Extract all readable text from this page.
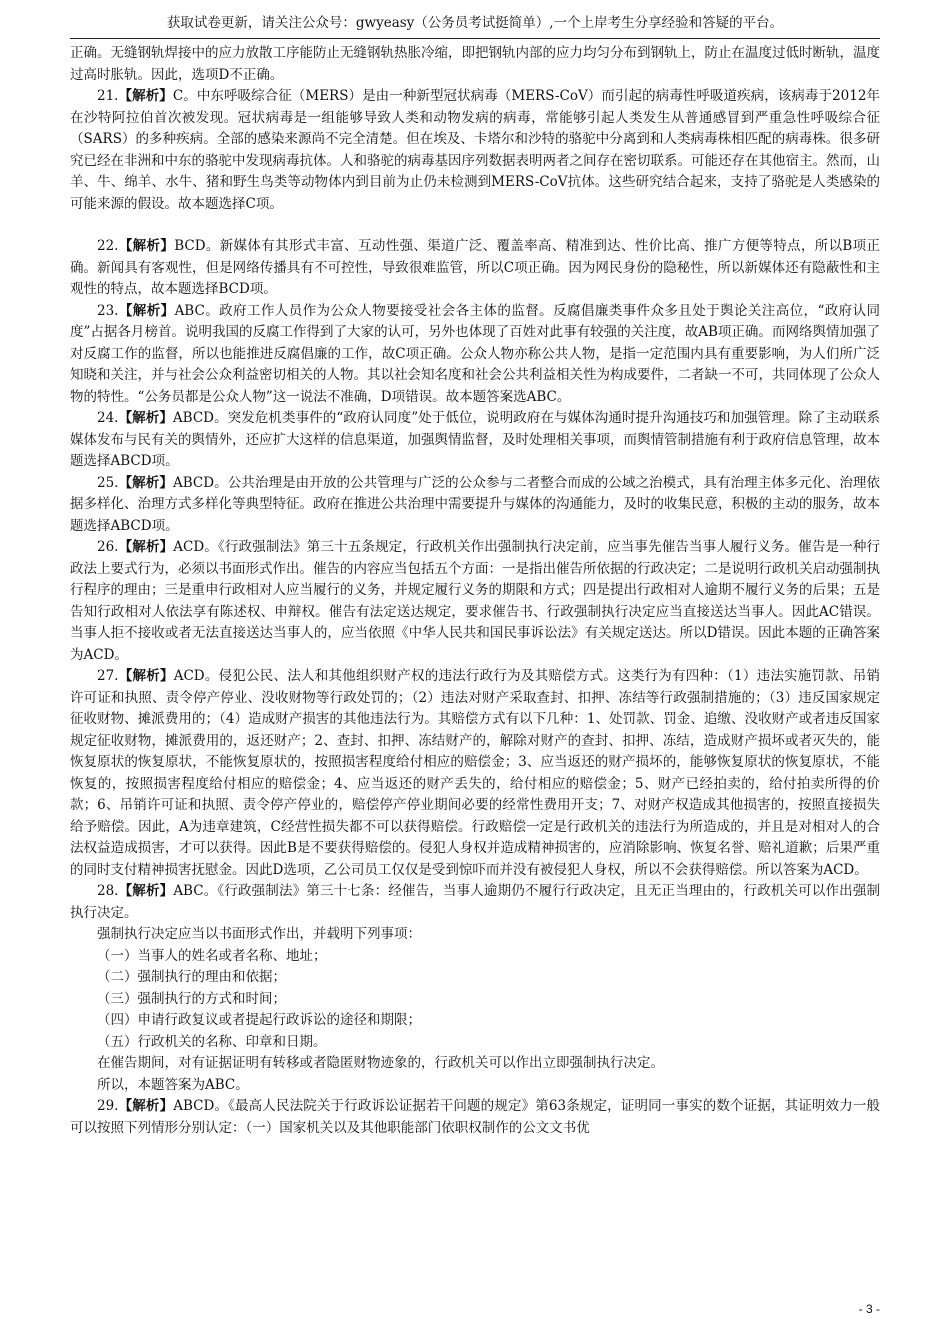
获取试卷更新，请关注公众号：gwyeasy（公务员考试挺简单）,一个上岸考生分享经验和答疑的平台。

正确。无缝钢轨焊接中的应力放散工序能防止无缝钢轨热胀冷缩，即把钢轨内部的应力均匀分布到钢轨上，防止在温度过低时断轨，温度过高时胀轨。因此，选项D不正确。

21.【解析】C。中东呼吸综合征（MERS）是由一种新型冠状病毒（MERS-CoV）而引起的病毒性呼吸道疾病，该病毒于2012年在沙特阿拉伯首次被发现。冠状病毒是一组能够导致人类和动物发病的病毒，常能够引起人类发生从普通感冒到严重急性呼吸综合征（SARS）的多种疾病。全部的感染来源尚不完全清楚。但在埃及、卡塔尔和沙特的骆驼中分离到和人类病毒株相匹配的病毒株。很多研究已经在非洲和中东的骆驼中发现病毒抗体。人和骆驼的病毒基因序列数据表明两者之间存在密切联系。可能还存在其他宿主。然而，山羊、牛、绵羊、水牛、猪和野生鸟类等动物体内到目前为止仍未检测到MERS-CoV抗体。这些研究结合起来，支持了骆驼是人类感染的可能来源的假设。故本题选择C项。

22.【解析】BCD。新媒体有其形式丰富、互动性强、渠道广泛、覆盖率高、精准到达、性价比高、推广方便等特点，所以B项正确。新闻具有客观性，但是网络传播具有不可控性，导致很难监管，所以C项正确。因为网民身份的隐秘性，所以新媒体还有隐蔽性和主观性的特点，故本题选择BCD项。

23.【解析】ABC。政府工作人员作为公众人物要接受社会各主体的监督。反腐倡廉类事件众多且处于舆论关注高位，“政府认同度”占据各月榜首。说明我国的反腐工作得到了大家的认可，另外也体现了百姓对此事有较强的关注度，故AB项正确。而网络舆情加强了对反腐工作的监督，所以也能推进反腐倡廉的工作，故C项正确。公众人物亦称公共人物，是指一定范围内具有重要影响，为人们所广泛知晓和关注，并与社会公众利益密切相关的人物。其以社会知名度和社会公共利益相关性为构成要件，二者缺一不可，共同体现了公众人物的特性。“公务员都是公众人物”这一说法不准确，D项错误。故本题答案选ABC。

24.【解析】ABCD。突发危机类事件的“政府认同度”处于低位，说明政府在与媒体沟通时提升沟通技巧和加强管理。除了主动联系媒体发布与民有关的舆情外，还应扩大这样的信息渠道，加强舆情监督，及时处理相关事项，而舆情管制措施有利于政府信息管理，故本题选择ABCD项。

25.【解析】ABCD。公共治理是由开放的公共管理与广泛的公众参与二者整合而成的公域之治模式，具有治理主体多元化、治理依据多样化、治理方式多样化等典型特征。政府在推进公共治理中需要提升与媒体的沟通能力，及时的收集民意，积极的主动的服务，故本题选择ABCD项。

26.【解析】ACD。《行政强制法》第三十五条规定，行政机关作出强制执行决定前，应当事先催告当事人履行义务。催告是一种行政法上要式行为，必须以书面形式作出。催告的内容应当包括五个方面：一是指出催告所依据的行政决定；二是说明行政机关启动强制执行程序的理由；三是重申行政相对人应当履行的义务，并规定履行义务的期限和方式；四是提出行政相对人逾期不履行义务的后果；五是告知行政相对人依法享有陈述权、申辩权。催告有法定送达规定，要求催告书、行政强制执行决定应当直接送达当事人。因此AC错误。当事人拒不接收或者无法直接送达当事人的，应当依照《中华人民共和国民事诉讼法》有关规定送达。所以D错误。因此本题的正确答案为ACD。

27.【解析】ACD。侵犯公民、法人和其他组织财产权的违法行政行为及其赔偿方式。这类行为有四种：（1）违法实施罚款、吊销许可证和执照、责令停产停业、没收财物等行政处罚的；（2）违法对财产采取查封、扣押、冻结等行政强制措施的；（3）违反国家规定征收财物、摊派费用的；（4）造成财产损害的其他违法行为。其赔偿方式有以下几种：1、处罚款、罚金、追缴、没收财产或者违反国家规定征收财物，摊派费用的，返还财产；2、查封、扣押、冻结财产的，解除对财产的查封、扣押、冻结，造成财产损坏或者灭失的，能恢复原状的恢复原状，不能恢复原状的，按照损害程度给付相应的赔偿金；3、应当返还的财产损坏的，能够恢复原状的恢复原状，不能恢复的，按照损害程度给付相应的赔偿金；4、应当返还的财产丢失的，给付相应的赔偿金；5、财产已经拍卖的，给付拍卖所得的价款；6、吊销许可证和执照、责令停产停业的，赔偿停产停业期间必要的经常性费用开支；7、对财产权造成其他损害的，按照直接损失给予赔偿。因此，A为违章建筑，C经营性损失都不可以获得赔偿。行政赔偿一定是行政机关的违法行为所造成的，并且是对相对人的合法权益造成损害，才可以获得。因此B是不要获得赔偿的。侵犯人身权并造成精神损害的，应消除影响、恢复名誉、赔礼道歉；后果严重的同时支付精神损害抚慰金。因此D选项，乙公司员工仅仅是受到惊吓而并没有被侵犯人身权，所以不会获得赔偿。所以答案为ACD。

28.【解析】ABC。《行政强制法》第三十七条：经催告，当事人逾期仍不履行行政决定，且无正当理由的，行政机关可以作出强制执行决定。

强制执行决定应当以书面形式作出，并载明下列事项：

（一）当事人的姓名或者名称、地址；

（二）强制执行的理由和依据；

（三）强制执行的方式和时间；

（四）申请行政复议或者提起行政诉讼的途径和期限；

（五）行政机关的名称、印章和日期。

在催告期间，对有证据证明有转移或者隐匿财物迹象的，行政机关可以作出立即强制执行决定。

所以，本题答案为ABC。

29.【解析】ABCD。《最高人民法院关于行政诉讼证据若干问题的规定》第63条规定，证明同一事实的数个证据，其证明效力一般可以按照下列情形分别认定：（一）国家机关以及其他职能部门依职权制作的公文文书优

- 3 -
